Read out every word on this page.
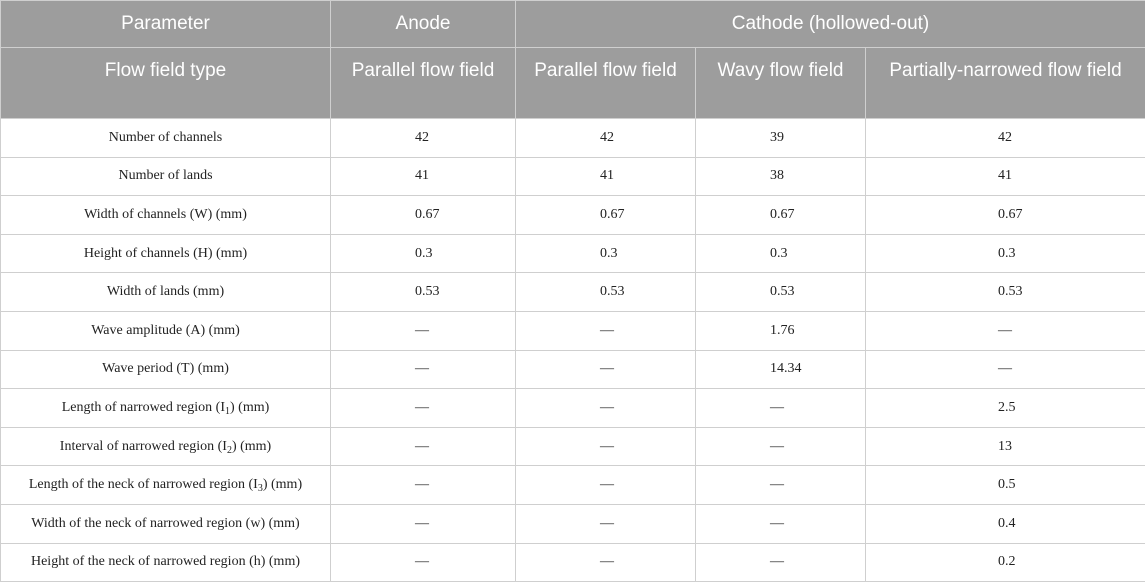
Parameter	Anode	Cathode (hollowed-out)		
Flow field type	Parallel flow field	Parallel flow field	Wavy flow field	Partially-narrowed flow field
Number of channels	42	42	39	42
Number of lands	41	41	38	41
Width of channels (W) (mm)	0.67	0.67	0.67	0.67
Height of channels (H) (mm)	0.3	0.3	0.3	0.3
Width of lands (mm)	0.53	0.53	0.53	0.53
Wave amplitude (A) (mm)	—	—	1.76	—
Wave period (T) (mm)	—	—	14.34	—
Length of narrowed region $(I_1)$ (mm)	—	—	—	2.5
Interval of narrowed region $(I_2)$ (mm)	—	—	—	13
Length of the neck of narrowed region $(I_3)$ (mm)	—	—	—	0.5
Width of the neck of narrowed region (w) (mm)	—	—	—	0.4
Height of the neck of narrowed region (h) (mm)	—	—	—	0.2
